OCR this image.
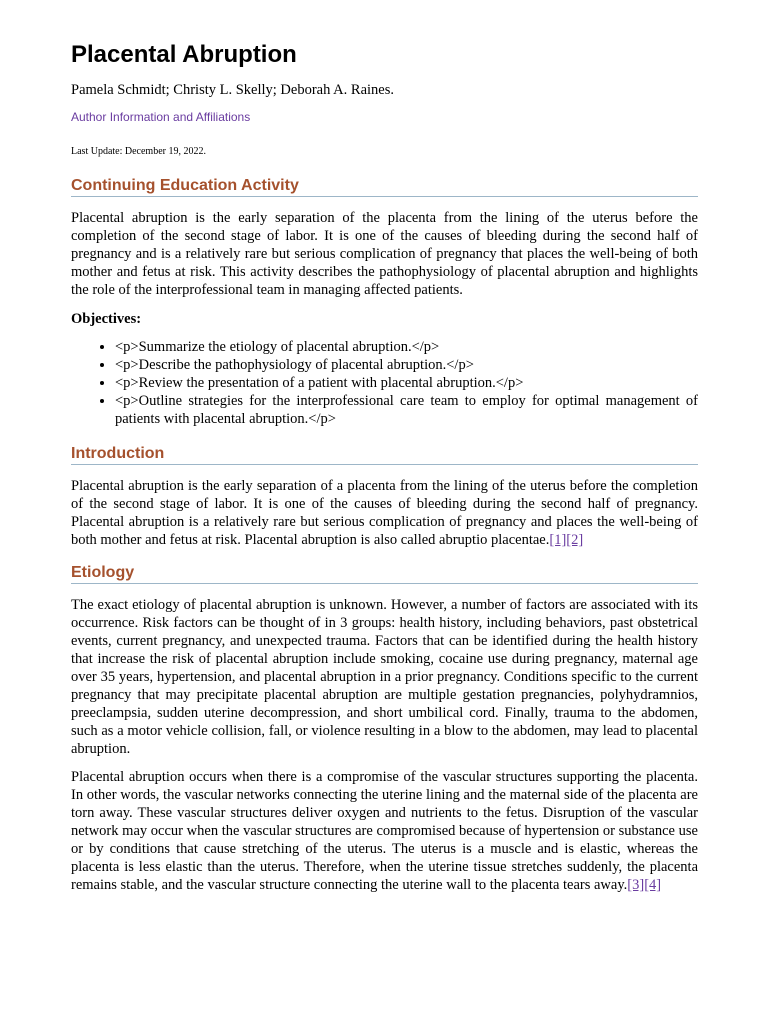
Placental Abruption
Pamela Schmidt; Christy L. Skelly; Deborah A. Raines.
Author Information and Affiliations
Last Update: December 19, 2022.
Continuing Education Activity

Placental abruption is the early separation of the placenta from the lining of the uterus before the completion of the second stage of labor. It is one of the causes of bleeding during the second half of pregnancy and is a relatively rare but serious complication of pregnancy that places the well-being of both mother and fetus at risk. This activity describes the pathophysiology of placental abruption and highlights the role of the interprofessional team in managing affected patients.

Objectives:
• <p>Summarize the etiology of placental abruption.</p>
• <p>Describe the pathophysiology of placental abruption.</p>
• <p>Review the presentation of a patient with placental abruption.</p>
• <p>Outline strategies for the interprofessional care team to employ for optimal management of patients with placental abruption.</p>
Introduction

Placental abruption is the early separation of a placenta from the lining of the uterus before the completion of the second stage of labor. It is one of the causes of bleeding during the second half of pregnancy. Placental abruption is a relatively rare but serious complication of pregnancy and places the well-being of both mother and fetus at risk. Placental abruption is also called abruptio placentae.[1][2]

Etiology

The exact etiology of placental abruption is unknown. However, a number of factors are associated with its occurrence. Risk factors can be thought of in 3 groups: health history, including behaviors, past obstetrical events, current pregnancy, and unexpected trauma. Factors that can be identified during the health history that increase the risk of placental abruption include smoking, cocaine use during pregnancy, maternal age over 35 years, hypertension, and placental abruption in a prior pregnancy. Conditions specific to the current pregnancy that may precipitate placental abruption are multiple gestation pregnancies, polyhydramnios, preeclampsia, sudden uterine decompression, and short umbilical cord. Finally, trauma to the abdomen, such as a motor vehicle collision, fall, or violence resulting in a blow to the abdomen, may lead to placental abruption.

Placental abruption occurs when there is a compromise of the vascular structures supporting the placenta. In other words, the vascular networks connecting the uterine lining and the maternal side of the placenta are torn away. These vascular structures deliver oxygen and nutrients to the fetus. Disruption of the vascular network may occur when the vascular structures are compromised because of hypertension or substance use or by conditions that cause stretching of the uterus. The uterus is a muscle and is elastic, whereas the placenta is less elastic than the uterus. Therefore, when the uterine tissue stretches suddenly, the placenta remains stable, and the vascular structure connecting the uterine wall to the placenta tears away.[3][4]
